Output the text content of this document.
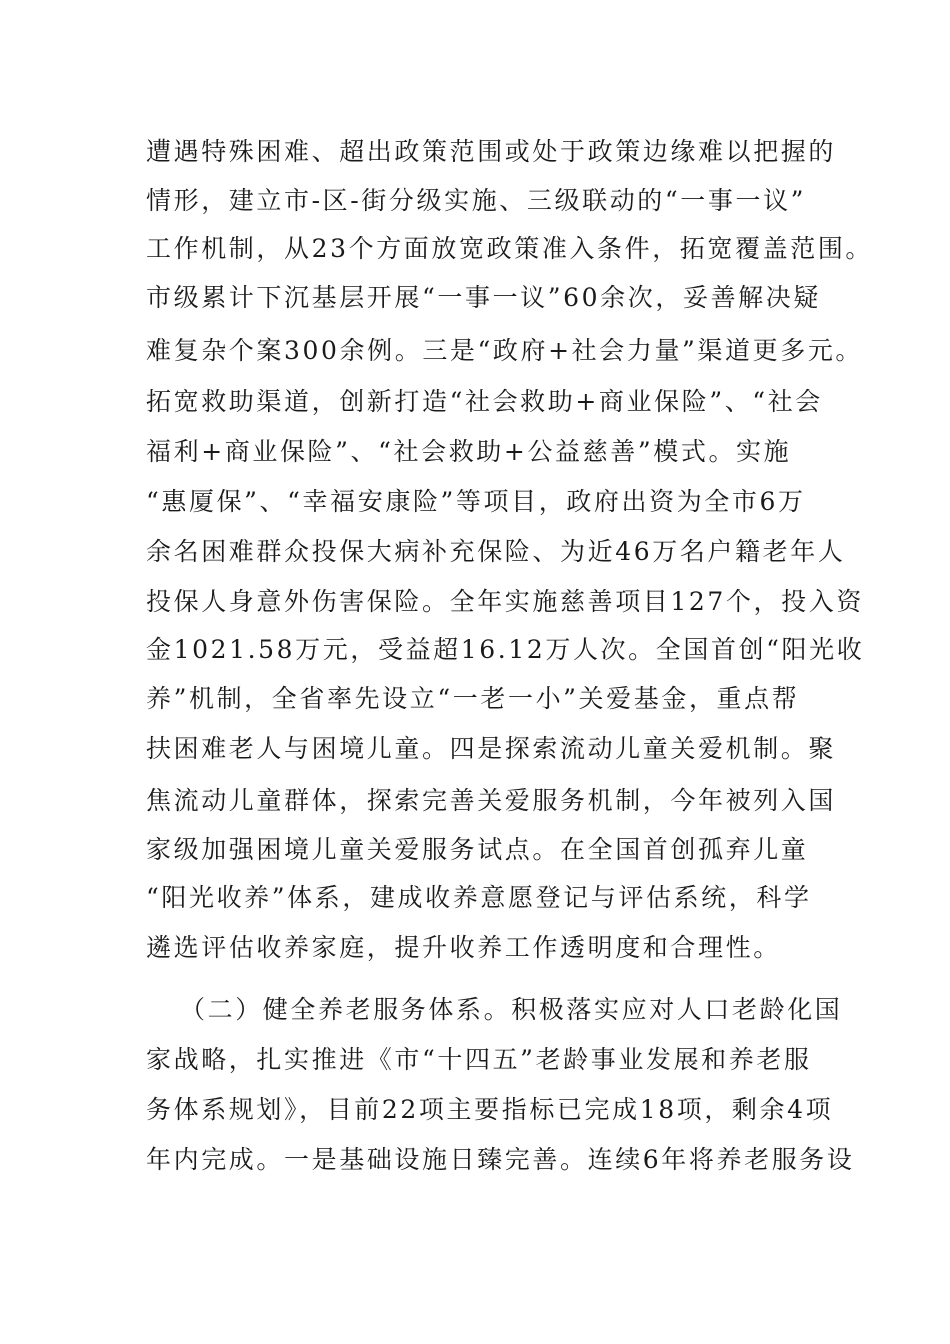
遭遇特殊困难、超出政策范围或处于政策边缘难以把握的
情形，建立市-区-街分级实施、三级联动的“一事一议”
工作机制，从23个方面放宽政策准入条件，拓宽覆盖范围。
市级累计下沉基层开展“一事一议”60余次，妥善解决疑
难复杂个案300余例。三是“政府+社会力量”渠道更多元。
拓宽救助渠道，创新打造“社会救助+商业保险”、“社会
福利+商业保险”、“社会救助+公益慈善”模式。实施
“惠厦保”、“幸福安康险”等项目，政府出资为全市6万
余名困难群众投保大病补充保险、为近46万名户籍老年人
投保人身意外伤害保险。全年实施慈善项目127个，投入资
金1021.58万元，受益超16.12万人次。全国首创“阳光收
养”机制，全省率先设立“一老一小”关爱基金，重点帮
扶困难老人与困境儿童。四是探索流动儿童关爱机制。聚
焦流动儿童群体，探索完善关爱服务机制，今年被列入国
家级加强困境儿童关爱服务试点。在全国首创孤弃儿童
“阳光收养”体系，建成收养意愿登记与评估系统，科学
遴选评估收养家庭，提升收养工作透明度和合理性。
（二）健全养老服务体系。积极落实应对人口老龄化国
家战略，扎实推进《市“十四五”老龄事业发展和养老服
务体系规划》，目前22项主要指标已完成18项，剩余4项
年内完成。一是基础设施日臻完善。连续6年将养老服务设
